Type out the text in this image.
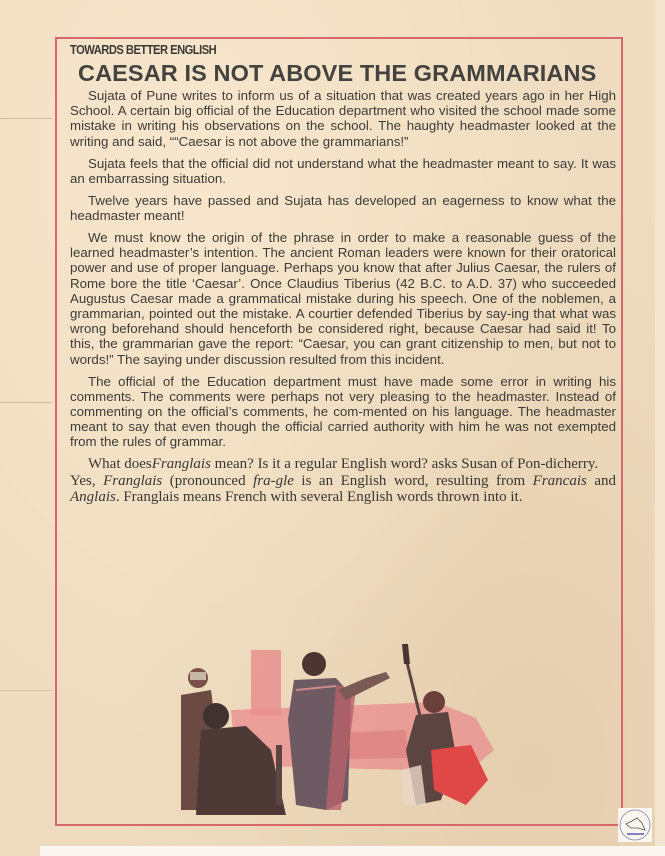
TOWARDS BETTER ENGLISH
CAESAR IS NOT ABOVE THE GRAMMARIANS

Sujata of Pune writes to inform us of a situation that was created years ago in her High School. A certain big official of the Education department who visited the school made some mistake in writing his observations on the school. The haughty headmaster looked at the writing and said, ““Caesar is not above the grammarians!”

Sujata feels that the official did not understand what the headmaster meant to say. It was an embarrassing situation.

Twelve years have passed and Sujata has developed an eagerness to know what the headmaster meant!

We must know the origin of the phrase in order to make a reasonable guess of the learned headmaster’s intention. The ancient Roman leaders were known for their oratorical power and use of proper language. Perhaps you know that after Julius Caesar, the rulers of Rome bore the title ‘Caesar’. Once Claudius Tiberius (42 B.C. to A.D. 37) who succeeded Augustus Caesar made a grammatical mistake during his speech. One of the noblemen, a grammarian, pointed out the mistake. A courtier defended Tiberius by say-ing that what was wrong beforehand should henceforth be considered right, because Caesar had said it! To this, the grammarian gave the report: “Caesar, you can grant citizenship to men, but not to words!” The saying under discussion resulted from this incident.

The official of the Education department must have made some error in writing his comments. The comments were perhaps not very pleasing to the headmaster. Instead of commenting on the official’s comments, he com-mented on his language. The headmaster meant to say that even though the official carried authority with him he was not exempted from the rules of grammar.

What doesFranglais mean? Is it a regular English word? asks Susan of Pon-dicherry.

Yes, Franglais (pronounced fra-gle is an English word, resulting from Francais and Anglais. Franglais means French with several English words thrown into it.
